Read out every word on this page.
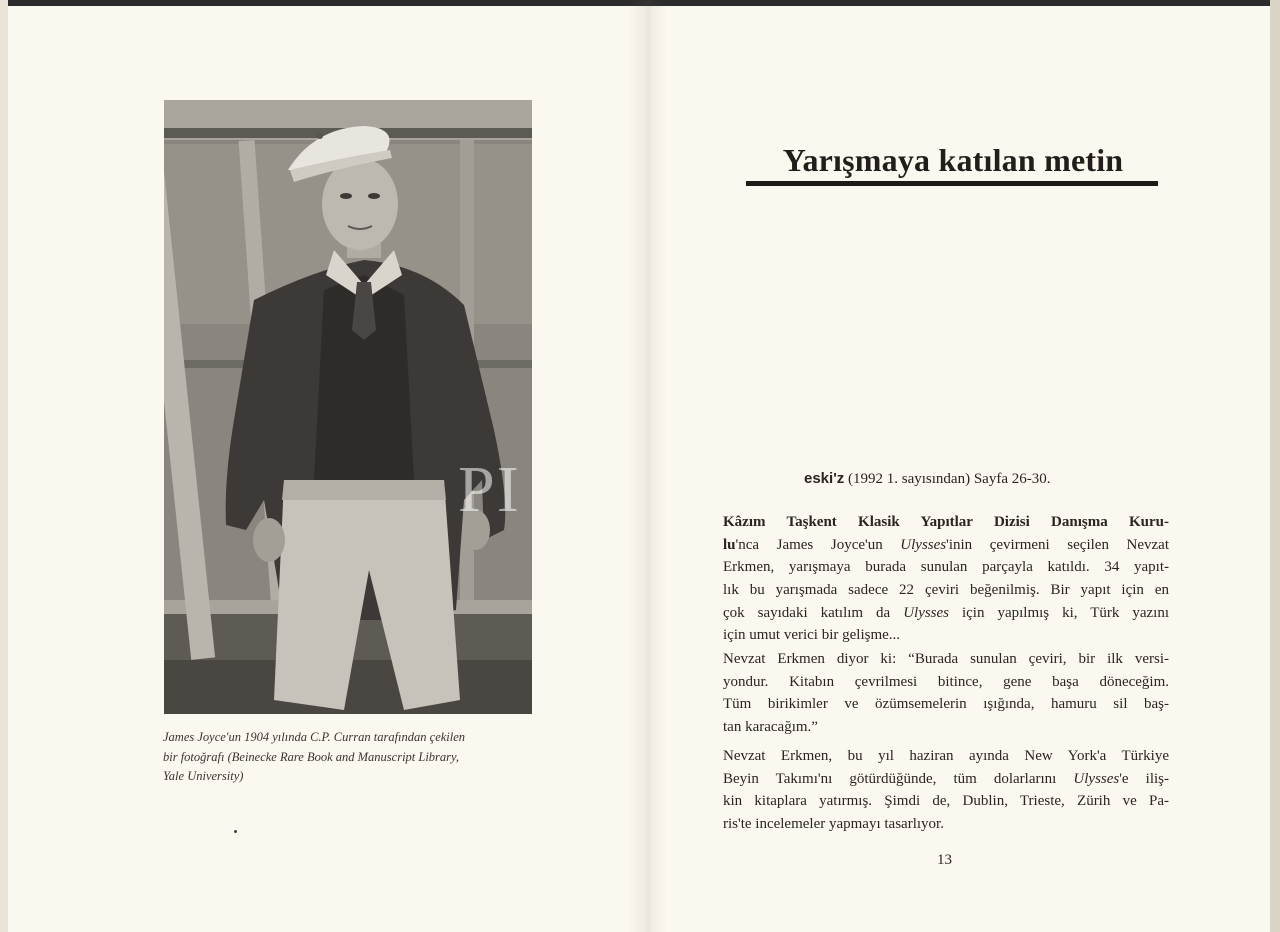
James Joyce'un 1904 yılında C.P. Curran tarafından çekilen
bir fotoğrafı (Beinecke Rare Book and Manuscript Library,
Yale University)
PI
Yarışmaya katılan metin
eski'z (1992 1. sayısından) Sayfa 26-30.
Kâzım Taşkent Klasik Yapıtlar Dizisi Danışma Kuru-
lu'nca James Joyce'un Ulysses'inin çevirmeni seçilen Nevzat
Erkmen, yarışmaya burada sunulan parçayla katıldı. 34 yapıt-
lık bu yarışmada sadece 22 çeviri beğenilmiş. Bir yapıt için en
çok sayıdaki katılım da Ulysses için yapılmış ki, Türk yazını
için umut verici bir gelişme...
Nevzat Erkmen diyor ki: “Burada sunulan çeviri, bir ilk versi-
yondur. Kitabın çevrilmesi bitince, gene başa döneceğim.
Tüm birikimler ve özümsemelerin ışığında, hamuru sil baş-
tan karacağım.”
Nevzat Erkmen, bu yıl haziran ayında New York'a Türkiye
Beyin Takımı'nı götürdüğünde, tüm dolarlarını Ulysses'e iliş-
kin kitaplara yatırmış. Şimdi de, Dublin, Trieste, Zürih ve Pa-
ris'te incelemeler yapmayı tasarlıyor.
13
